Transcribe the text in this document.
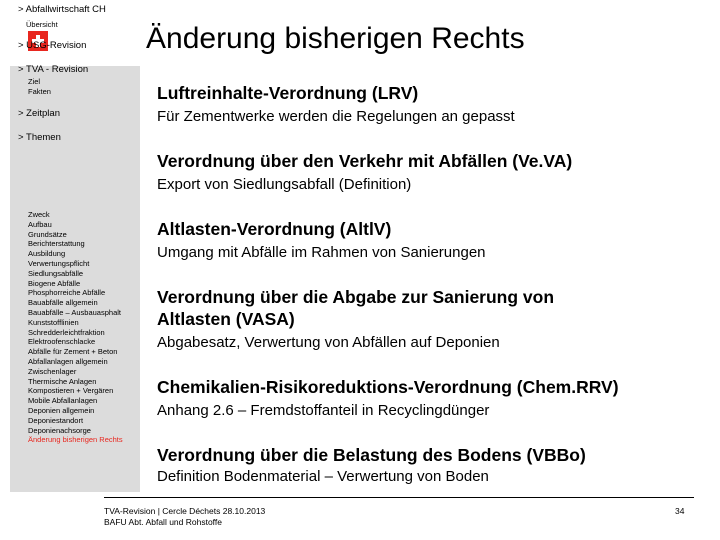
Änderung bisherigen Rechts
> Abfallwirtschaft CH
Übersicht
> USG-Revision
> TVA - Revision
Ziel
Fakten
> Zeitplan
> Themen
Zweck
Aufbau
Grundsätze
Berichterstattung
Ausbildung
Verwertungspflicht
Siedlungsabfälle
Biogene Abfälle
Phosphorreiche Abfälle
Bauabfälle allgemein
Bauabfälle – Ausbauasphalt
Kunststofflinien
Schredderleichtfraktion
Elektroofenschlacke
Abfälle für Zement + Beton
Abfallanlagen allgemein
Zwischenlager
Thermische Anlagen
Kompostieren + Vergären
Mobile Abfallanlagen
Deponien allgemein
Deponiestandort
Deponienachsorge
Änderung bisherigen Rechts
Luftreinhalte-Verordnung (LRV)
Für Zementwerke werden die Regelungen an gepasst
Verordnung über den Verkehr mit Abfällen (Ve.VA)
Export von Siedlungsabfall (Definition)
Altlasten-Verordnung (AltlV)
Umgang mit Abfälle im Rahmen von Sanierungen
Verordnung über die Abgabe zur Sanierung von
Altlasten (VASA)
Abgabesatz, Verwertung von Abfällen auf Deponien
Chemikalien-Risikoreduktions-Verordnung (Chem.RRV)
Anhang 2.6 – Fremdstoffanteil in Recyclingdünger
Verordnung über die Belastung des Bodens (VBBo)
Definition Bodenmaterial – Verwertung von Boden
TVA-Revision | Cercle Déchets 28.10.2013
BAFU Abt. Abfall und Rohstoffe
34
